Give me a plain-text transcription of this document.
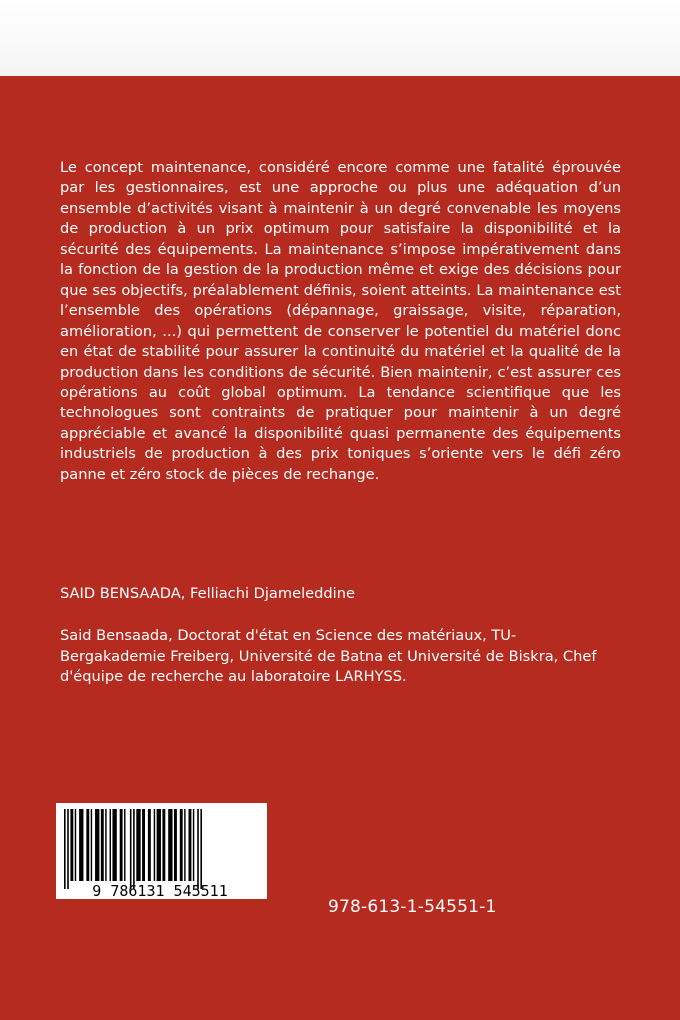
Le concept maintenance, considéré encore comme une fatalité éprouvée par les gestionnaires, est une approche ou plus une adéquation d’un ensemble d’activités visant à maintenir à un degré convenable les moyens de production à un prix optimum pour satisfaire la disponibilité et la sécurité des équipements. La maintenance s’impose impérativement dans la fonction de la gestion de la production même et exige des décisions pour que ses objectifs, préalablement définis, soient atteints. La maintenance est l’ensemble des opérations (dépannage, graissage, visite, réparation, amélioration, ...) qui permettent de conserver le potentiel du matériel donc en état de stabilité pour assurer la continuité du matériel et la qualité de la production dans les conditions de sécurité. Bien maintenir, c’est assurer ces opérations au coût global optimum. La tendance scientifique que les technologues sont contraints de pratiquer pour maintenir à un degré appréciable et avancé la disponibilité quasi permanente des équipements industriels de production à des prix toniques s’oriente vers le défi zéro panne et zéro stock de pièces de rechange.

SAID BENSAADA, Felliachi Djameleddine

Said Bensaada, Doctorat d'état en Science des matériaux, TU-Bergakademie Freiberg, Université de Batna et Université de Biskra, Chef d'équipe de recherche au laboratoire LARHYSS.

9 786131 545511
978-613-1-54551-1
